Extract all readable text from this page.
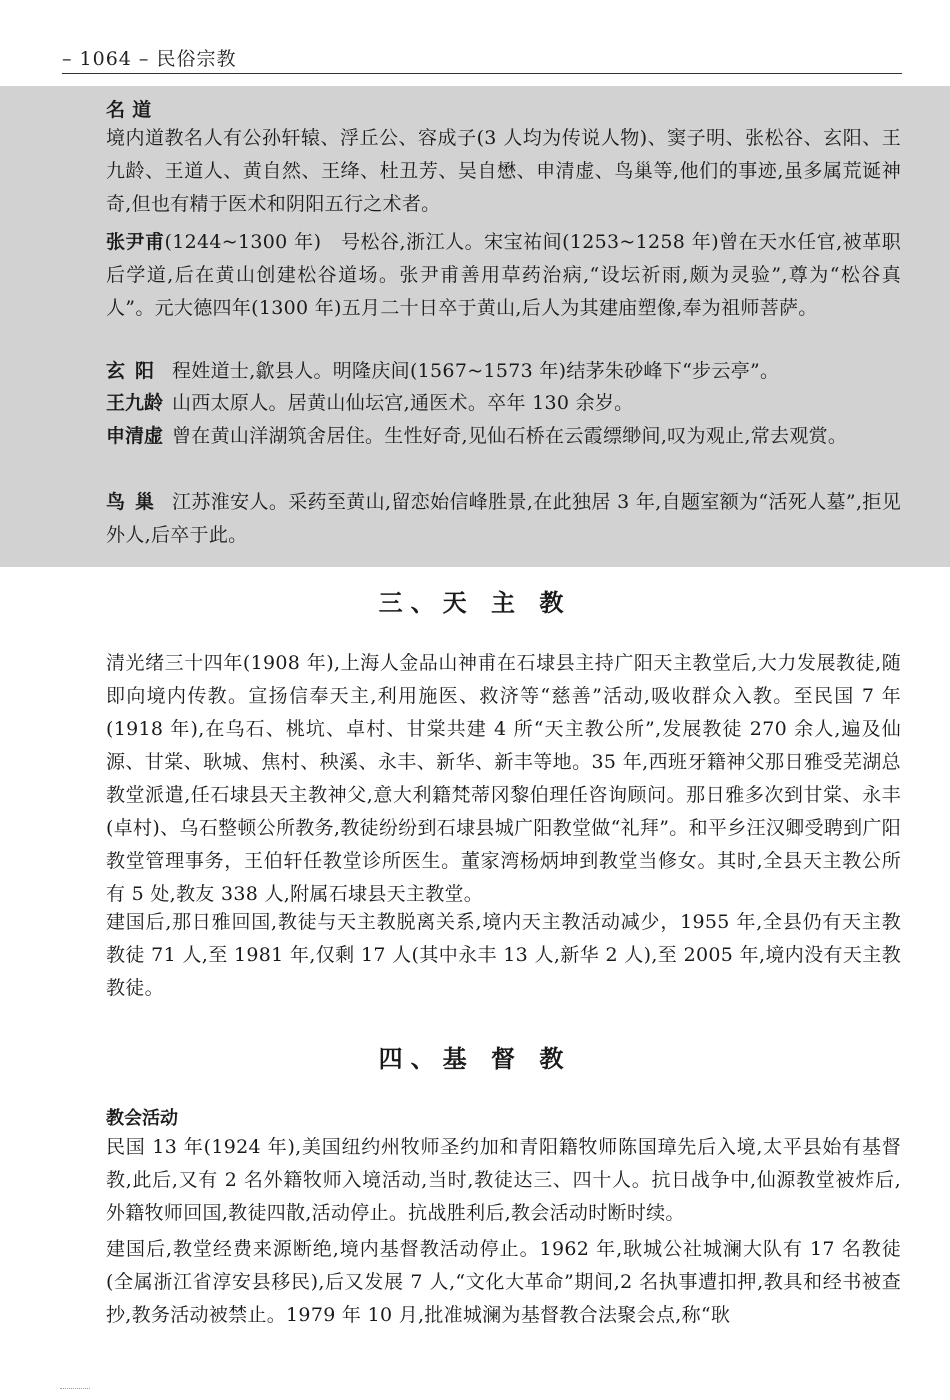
– 1064 – 民俗宗教
名 道
境内道教名人有公孙轩辕、浮丘公、容成子(3 人均为传说人物)、窦子明、张松谷、玄阳、王九龄、王道人、黄自然、王绛、杜丑芳、吴自懋、申清虚、鸟巢等,他们的事迹,虽多属荒诞神奇,但也有精于医术和阴阳五行之术者。
张尹甫(1244~1300 年)　号松谷,浙江人。宋宝祐间(1253~1258 年)曾在天水任官,被革职后学道,后在黄山创建松谷道场。张尹甫善用草药治病,“设坛祈雨,颇为灵验”,尊为“松谷真人”。元大德四年(1300 年)五月二十日卒于黄山,后人为其建庙塑像,奉为祖师菩萨。
玄阳 程姓道士,歙县人。明隆庆间(1567~1573 年)结茅朱砂峰下“步云亭”。
王九龄 山西太原人。居黄山仙坛宫,通医术。卒年 130 余岁。
申清虚 曾在黄山洋湖筑舍居住。生性好奇,见仙石桥在云霞缥缈间,叹为观止,常去观赏。
鸟巢 江苏淮安人。采药至黄山,留恋始信峰胜景,在此独居 3 年,自题室额为“活死人墓”,拒见外人,后卒于此。
三、天 主 教
清光绪三十四年(1908 年),上海人金品山神甫在石埭县主持广阳天主教堂后,大力发展教徒,随即向境内传教。宣扬信奉天主,利用施医、救济等“慈善”活动,吸收群众入教。至民国 7 年(1918 年),在乌石、桃坑、卓村、甘棠共建 4 所“天主教公所”,发展教徒 270 余人,遍及仙源、甘棠、耿城、焦村、秧溪、永丰、新华、新丰等地。35 年,西班牙籍神父那日雅受芜湖总教堂派遣,任石埭县天主教神父,意大利籍梵蒂冈黎伯理任咨询顾问。那日雅多次到甘棠、永丰(卓村)、乌石整顿公所教务,教徒纷纷到石埭县城广阳教堂做“礼拜”。和平乡汪汉卿受聘到广阳教堂管理事务，王伯轩任教堂诊所医生。董家湾杨炳坤到教堂当修女。其时,全县天主教公所有 5 处,教友 338 人,附属石埭县天主教堂。
建国后,那日雅回国,教徒与天主教脱离关系,境内天主教活动减少，1955 年,全县仍有天主教教徒 71 人,至 1981 年,仅剩 17 人(其中永丰 13 人,新华 2 人),至 2005 年,境内没有天主教教徒。
四、基 督 教
教会活动
民国 13 年(1924 年),美国纽约州牧师圣约加和青阳籍牧师陈国璋先后入境,太平县始有基督教,此后,又有 2 名外籍牧师入境活动,当时,教徒达三、四十人。抗日战争中,仙源教堂被炸后,外籍牧师回国,教徒四散,活动停止。抗战胜利后,教会活动时断时续。
建国后,教堂经费来源断绝,境内基督教活动停止。1962 年,耿城公社城澜大队有 17 名教徒(全属浙江省淳安县移民),后又发展 7 人,“文化大革命”期间,2 名执事遭扣押,教具和经书被查抄,教务活动被禁止。1979 年 10 月,批准城澜为基督教合法聚会点,称“耿
